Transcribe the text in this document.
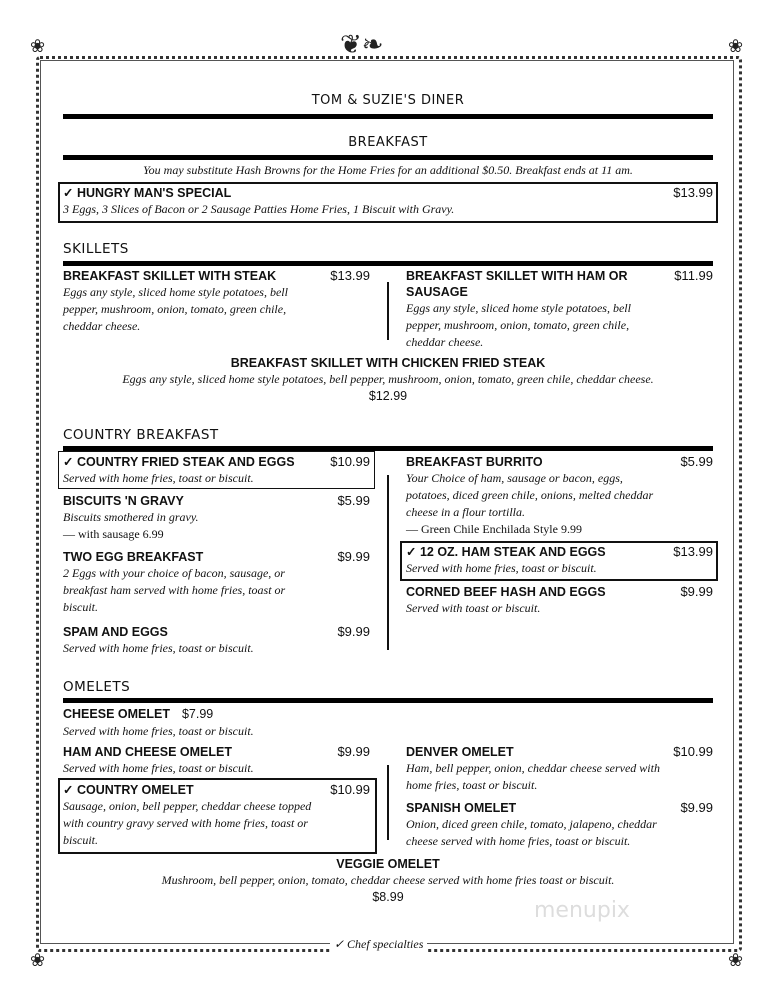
❦❧
❀	❀
❀	❀
TOM & SUZIE'S DINER
BREAKFAST
You may substitute Hash Browns for the Home Fries for an additional $0.50. Breakfast ends at 11 am.
✓ HUNGRY MAN'S SPECIAL	$13.99
3 Eggs, 3 Slices of Bacon or 2 Sausage Patties Home Fries, 1 Biscuit with Gravy.
SKILLETS
BREAKFAST SKILLET WITH STEAK	$13.99
Eggs any style, sliced home style potatoes, bell pepper, mushroom, onion, tomato, green chile, cheddar cheese.
BREAKFAST SKILLET WITH HAM OR SAUSAGE
$11.99
Eggs any style, sliced home style potatoes, bell pepper, mushroom, onion, tomato, green chile, cheddar cheese.
BREAKFAST SKILLET WITH CHICKEN FRIED STEAK
Eggs any style, sliced home style potatoes, bell pepper, mushroom, onion, tomato, green chile, cheddar cheese.
$12.99
COUNTRY BREAKFAST
✓ COUNTRY FRIED STEAK AND EGGS	$10.99
Served with home fries, toast or biscuit.
BISCUITS 'N GRAVY	$5.99
Biscuits smothered in gravy.
— with sausage 6.99
TWO EGG BREAKFAST	$9.99
2 Eggs with your choice of bacon, sausage, or breakfast ham served with home fries, toast or biscuit.
SPAM AND EGGS	$9.99
Served with home fries, toast or biscuit.
BREAKFAST BURRITO	$5.99
Your Choice of ham, sausage or bacon, eggs, potatoes, diced green chile, onions, melted cheddar cheese in a flour tortilla.
— Green Chile Enchilada Style 9.99
✓ 12 OZ. HAM STEAK AND EGGS	$13.99
Served with home fries, toast or biscuit.
CORNED BEEF HASH AND EGGS	$9.99
Served with toast or biscuit.
OMELETS
CHEESE OMELET $7.99
Served with home fries, toast or biscuit.
HAM AND CHEESE OMELET	$9.99
Served with home fries, toast or biscuit.
✓ COUNTRY OMELET	$10.99
Sausage, onion, bell pepper, cheddar cheese topped with country gravy served with home fries, toast or biscuit.
DENVER OMELET	$10.99
Ham, bell pepper, onion, cheddar cheese served with home fries, toast or biscuit.
SPANISH OMELET	$9.99
Onion, diced green chile, tomato, jalapeno, cheddar cheese served with home fries, toast or biscuit.
VEGGIE OMELET
Mushroom, bell pepper, onion, tomato, cheddar cheese served with home fries toast or biscuit.
$8.99
menupix
✓ Chef specialties
